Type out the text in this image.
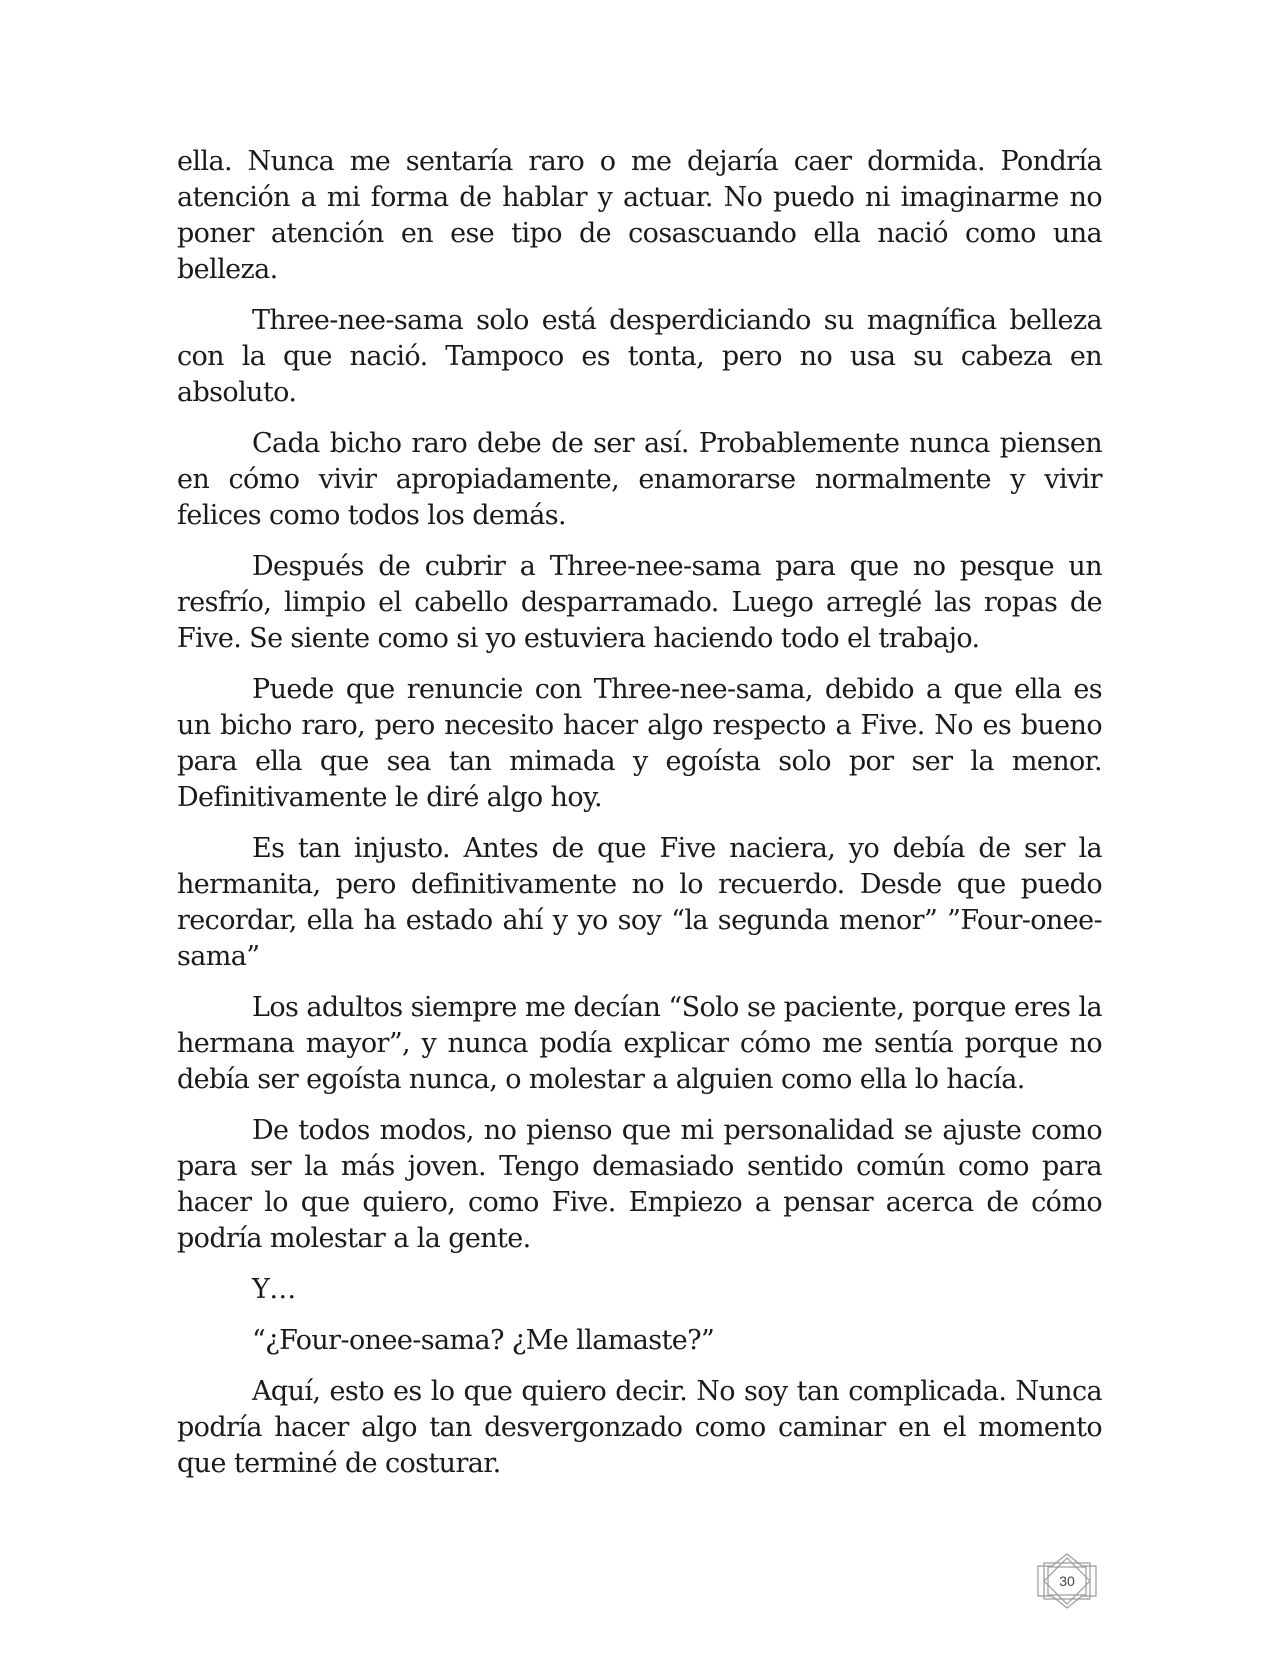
ella. Nunca me sentaría raro o me dejaría caer dormida. Pondría atención a mi forma de hablar y actuar. No puedo ni imaginarme no poner atención en ese tipo de cosascuando ella nació como una belleza.

Three-nee-sama solo está desperdiciando su magnífica belleza con la que nació. Tampoco es tonta, pero no usa su cabeza en absoluto.

Cada bicho raro debe de ser así. Probablemente nunca piensen en cómo vivir apropiadamente, enamorarse normalmente y vivir felices como todos los demás.

Después de cubrir a Three-nee-sama para que no pesque un resfrío, limpio el cabello desparramado. Luego arreglé las ropas de Five. Se siente como si yo estuviera haciendo todo el trabajo.

Puede que renuncie con Three-nee-sama, debido a que ella es un bicho raro, pero necesito hacer algo respecto a Five. No es bueno para ella que sea tan mimada y egoísta solo por ser la menor. Definitivamente le diré algo hoy.

Es tan injusto. Antes de que Five naciera, yo debía de ser la hermanita, pero definitivamente no lo recuerdo. Desde que puedo recordar, ella ha estado ahí y yo soy “la segunda menor” ”Four-onee-sama”

Los adultos siempre me decían “Solo se paciente, porque eres la hermana mayor”, y nunca podía explicar cómo me sentía porque no debía ser egoísta nunca, o molestar a alguien como ella lo hacía.

De todos modos, no pienso que mi personalidad se ajuste como para ser la más joven. Tengo demasiado sentido común como para hacer lo que quiero, como Five. Empiezo a pensar acerca de cómo podría molestar a la gente.

Y…

“¿Four-onee-sama? ¿Me llamaste?”

Aquí, esto es lo que quiero decir. No soy tan complicada. Nunca podría hacer algo tan desvergonzado como caminar en el momento que terminé de costurar.

30
